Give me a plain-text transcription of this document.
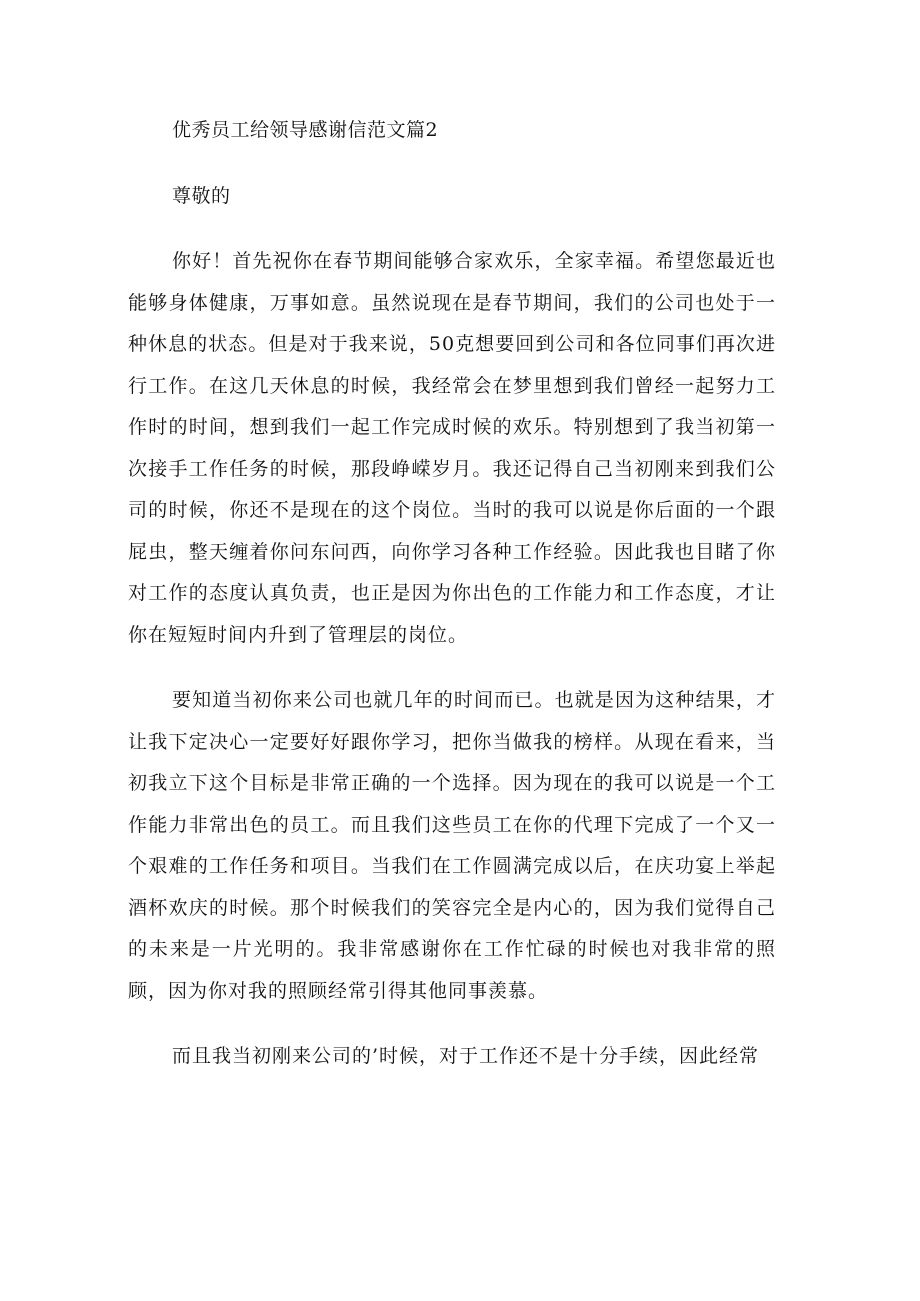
优秀员工给领导感谢信范文篇2

尊敬的

你好！首先祝你在春节期间能够合家欢乐，全家幸福。希望您最近也能够身体健康，万事如意。虽然说现在是春节期间，我们的公司也处于一种休息的状态。但是对于我来说，50克想要回到公司和各位同事们再次进行工作。在这几天休息的时候，我经常会在梦里想到我们曾经一起努力工作时的时间，想到我们一起工作完成时候的欢乐。特别想到了我当初第一次接手工作任务的时候，那段峥嵘岁月。我还记得自己当初刚来到我们公司的时候，你还不是现在的这个岗位。当时的我可以说是你后面的一个跟屁虫，整天缠着你问东问西，向你学习各种工作经验。因此我也目睹了你对工作的态度认真负责，也正是因为你出色的工作能力和工作态度，才让你在短短时间内升到了管理层的岗位。

要知道当初你来公司也就几年的时间而已。也就是因为这种结果，才让我下定决心一定要好好跟你学习，把你当做我的榜样。从现在看来，当初我立下这个目标是非常正确的一个选择。因为现在的我可以说是一个工作能力非常出色的员工。而且我们这些员工在你的代理下完成了一个又一个艰难的工作任务和项目。当我们在工作圆满完成以后，在庆功宴上举起酒杯欢庆的时候。那个时候我们的笑容完全是内心的，因为我们觉得自己的未来是一片光明的。我非常感谢你在工作忙碌的时候也对我非常的照顾，因为你对我的照顾经常引得其他同事羡慕。

而且我当初刚来公司的’时候，对于工作还不是十分手续，因此经常
